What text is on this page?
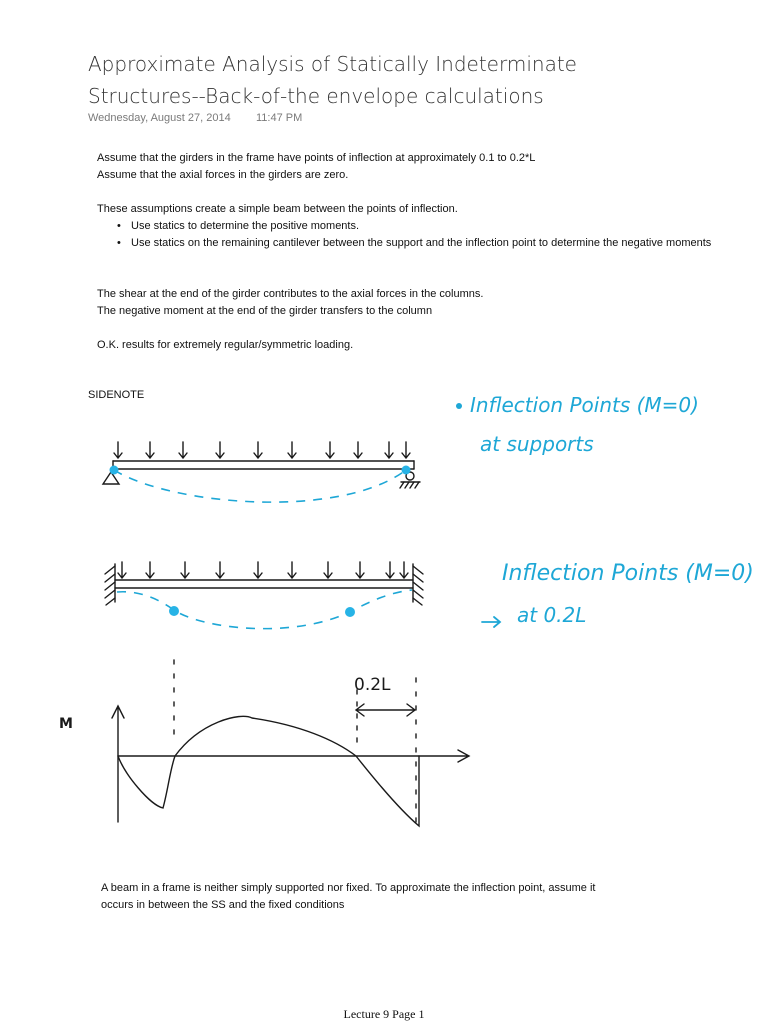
Approximate Analysis of Statically Indeterminate
Structures--Back-of-the envelope calculations
Wednesday, August 27, 2014 11:47 PM

Assume that the girders in the frame have points of inflection at approximately 0.1 to 0.2*L

Assume that the axial forces in the girders are zero.

These assumptions create a simple beam between the points of inflection.

• Use statics to determine the positive moments.
• Use statics on the remaining cantilever between the support and the inflection point to determine the negative moments

The shear at the end of the girder contributes to the axial forces in the columns.

The negative moment at the end of the girder transfers to the column

O.K. results for extremely regular/symmetric loading.

SIDENOTE
0.2L
M
Inflection Points (M=0)
at supports
Inflection Points (M=0)
at 0.2L

A beam in a frame is neither simply supported nor fixed. To approximate the inflection point, assume it

occurs in between the SS and the fixed conditions

Lecture 9 Page 1
